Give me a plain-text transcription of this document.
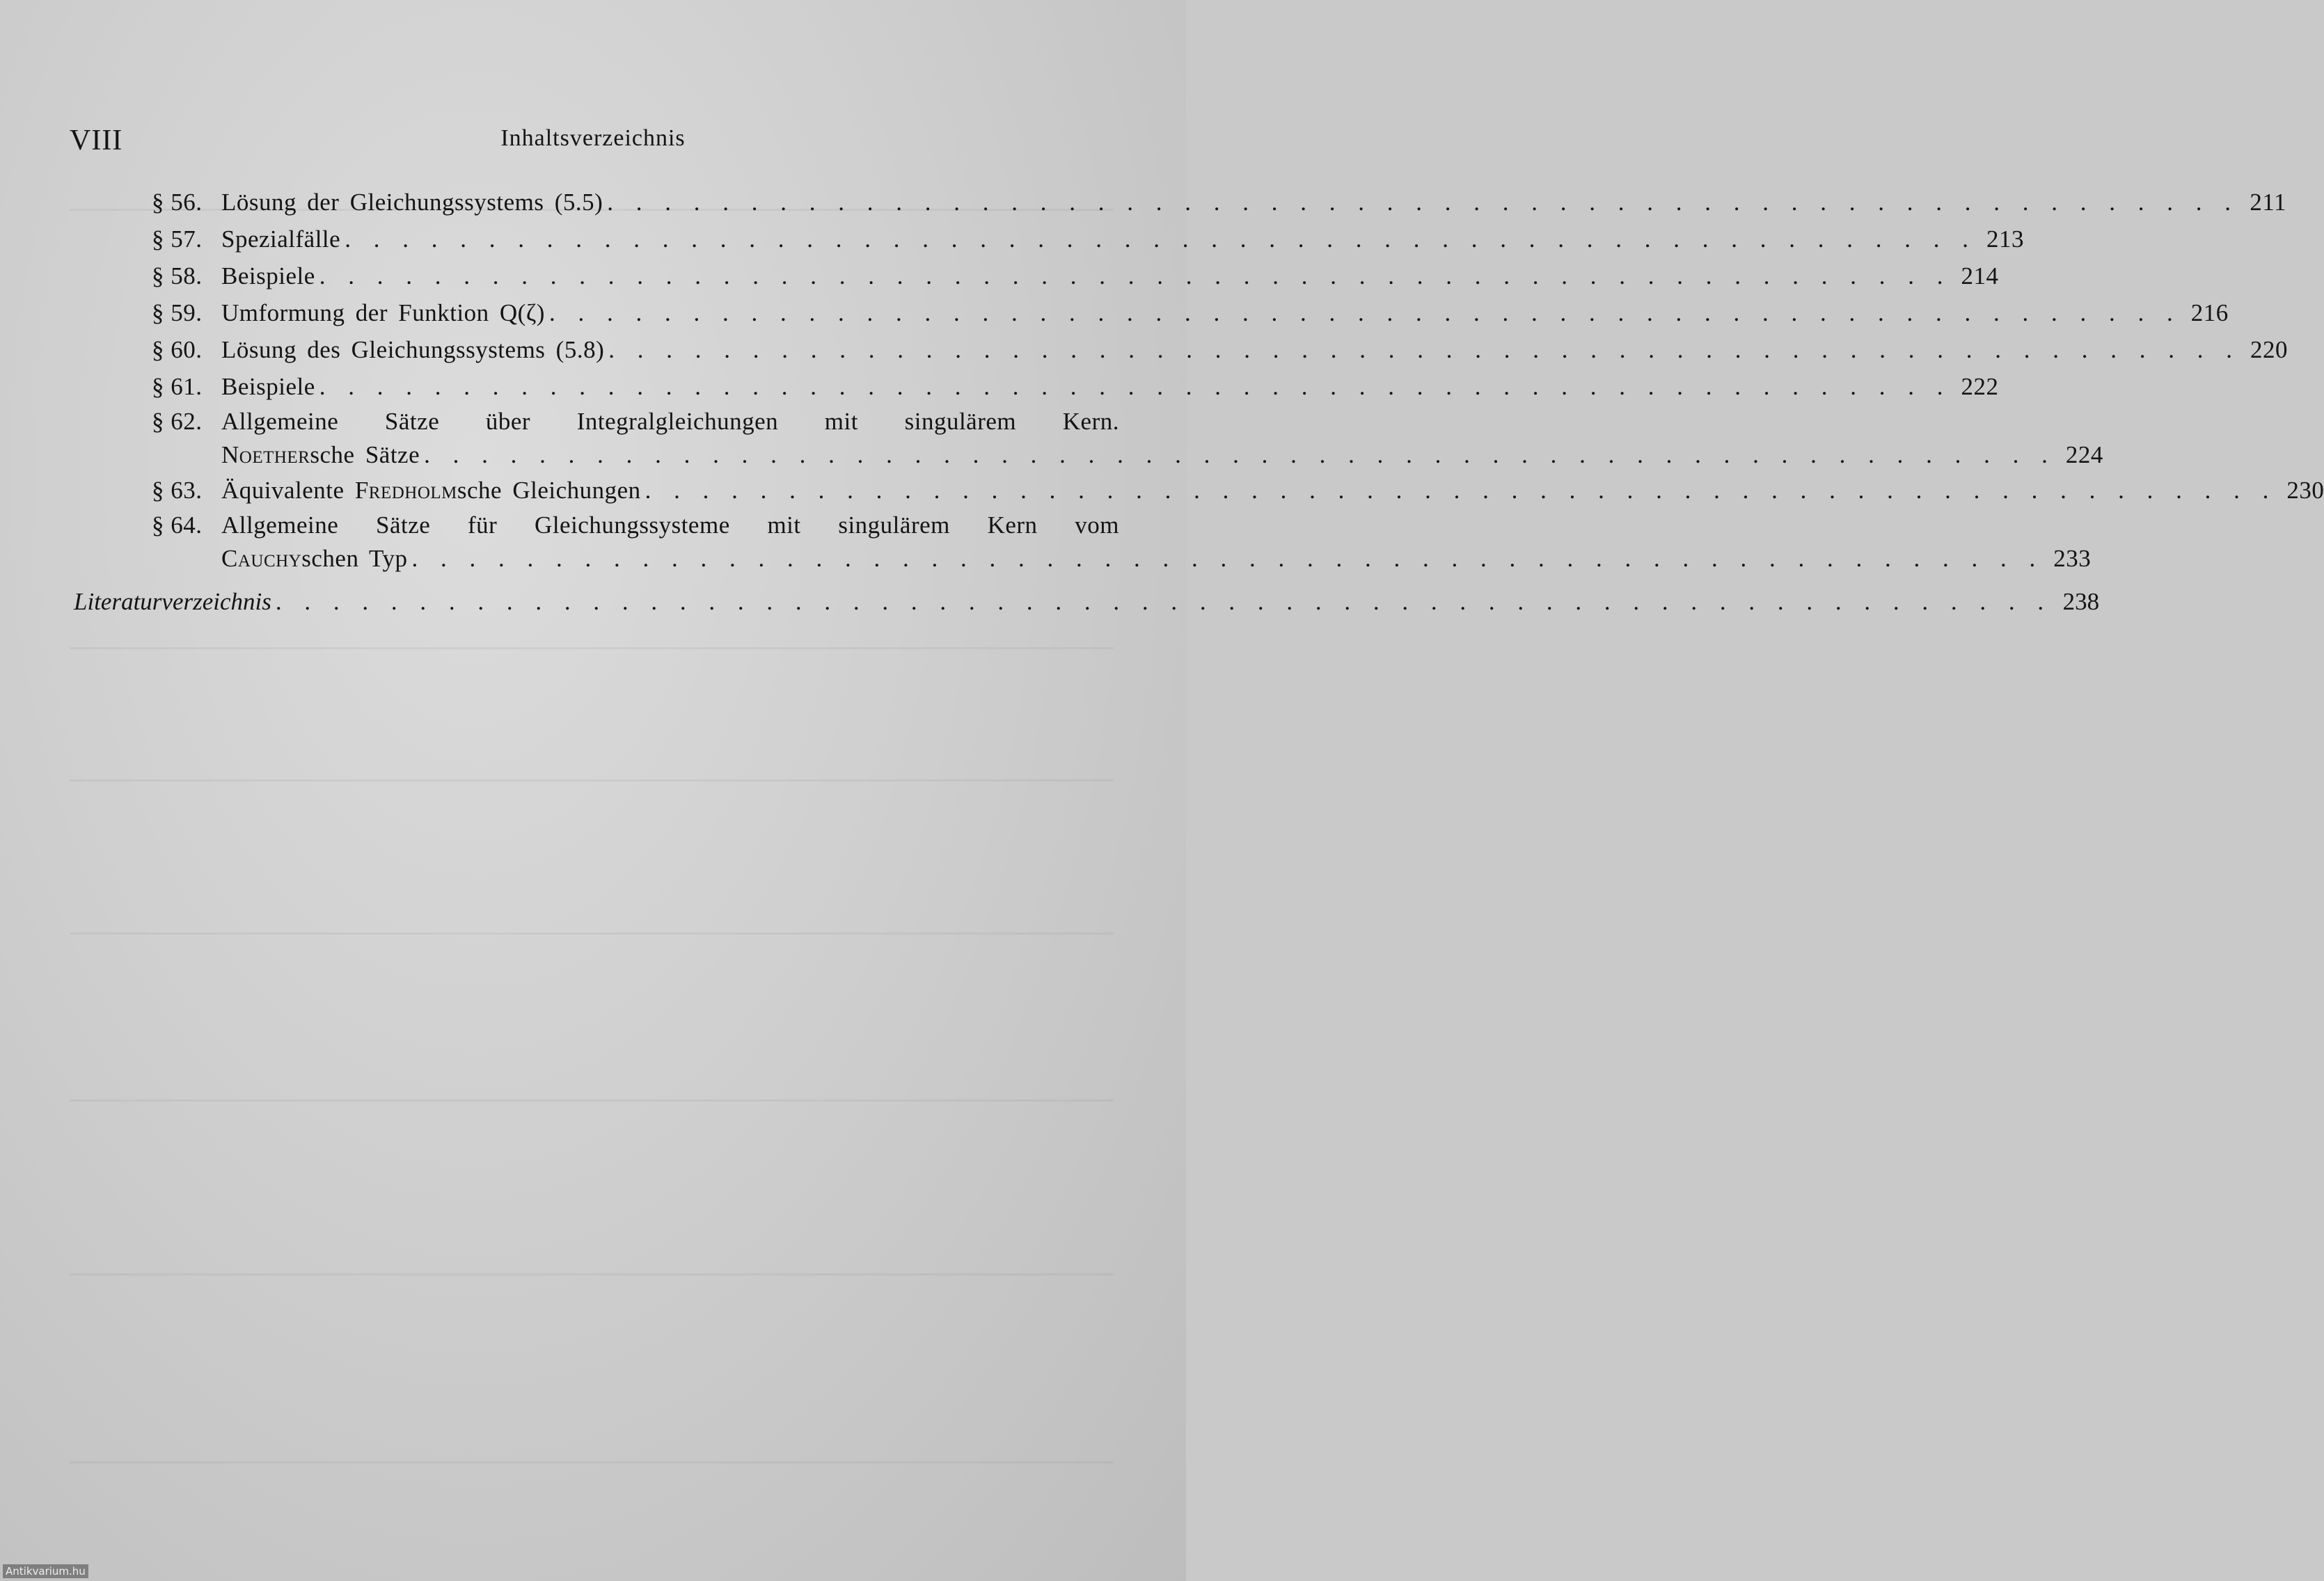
VIII	Inhaltsverzeichnis
§ 56. Lösung der Gleichungssystems (5.5) . . . . . . . . . . . . . . . . . . . . . . . . . . . . . . . . . . . . . . . . . . . . . . . . . . . . . . . . . 211
§ 57. Spezialfälle . . . . . . . . . . . . . . . . . . . . . . . . . . . . . . . . . . . . . . . . . . . . . . . . . . . . . . . . . 213
§ 58. Beispiele . . . . . . . . . . . . . . . . . . . . . . . . . . . . . . . . . . . . . . . . . . . . . . . . . . . . . . . . . 214
§ 59. Umformung der Funktion Q(ζ) . . . . . . . . . . . . . . . . . . . . . . . . . . . . . . . . . . . . . . . . . . . . . . . . . . . . . . . . . 216
§ 60. Lösung des Gleichungssystems (5.8) . . . . . . . . . . . . . . . . . . . . . . . . . . . . . . . . . . . . . . . . . . . . . . . . . . . . . . . . . 220
§ 61. Beispiele . . . . . . . . . . . . . . . . . . . . . . . . . . . . . . . . . . . . . . . . . . . . . . . . . . . . . . . . . 222
§ 62. Allgemeine Sätze über Integralgleichungen mit singulärem Kern.
Noethersche Sätze . . . . . . . . . . . . . . . . . . . . . . . . . . . . . . . . . . . . . . . . . . . . . . . . . . . . . . . . . 224
§ 63. Äquivalente Fredholmsche Gleichungen . . . . . . . . . . . . . . . . . . . . . . . . . . . . . . . . . . . . . . . . . . . . . . . . . . . . . . . . . 230
§ 64. Allgemeine Sätze für Gleichungssysteme mit singulärem Kern vom
Cauchyschen Typ . . . . . . . . . . . . . . . . . . . . . . . . . . . . . . . . . . . . . . . . . . . . . . . . . . . . . . . . . 233
Literaturverzeichnis . . . . . . . . . . . . . . . . . . . . . . . . . . . . . . . . . . . . . . . . . . . . . . . . . . . . . . . . . . . . . . 238
Antikvarium.hu
